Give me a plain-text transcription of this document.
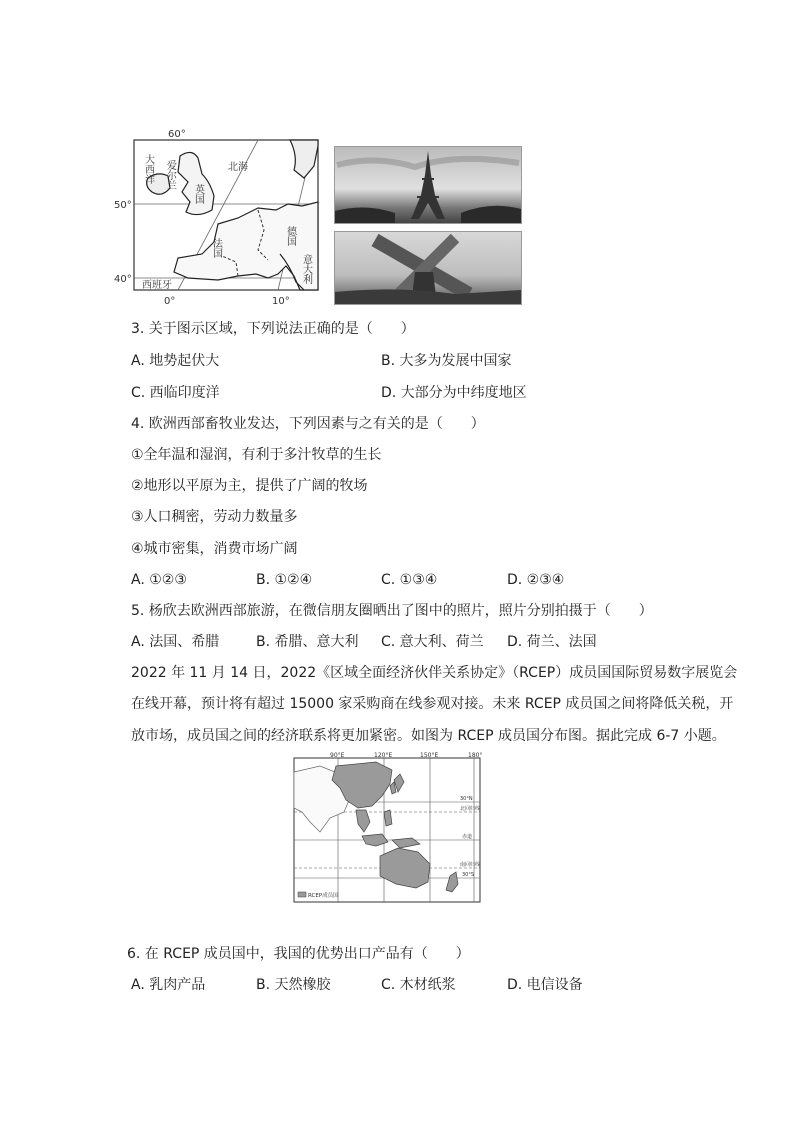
大西洋 爱尔兰
英国
北海
法国
德国
意大利
西班牙
60°
50°
40°
0°	10°
3. 关于图示区域，下列说法正确的是（　　）
A. 地势起伏大	B. 大多为发展中国家
C. 西临印度洋	D. 大部分为中纬度地区
4. 欧洲西部畜牧业发达，下列因素与之有关的是（　　）
①全年温和湿润，有利于多汁牧草的生长
②地形以平原为主，提供了广阔的牧场
③人口稠密，劳动力数量多
④城市密集，消费市场广阔
A. ①②③	B. ①②④	C. ①③④	D. ②③④
5. 杨欣去欧洲西部旅游，在微信朋友圈晒出了图中的照片，照片分别拍摄于（　　）
A. 法国、希腊	B. 希腊、意大利 C. 意大利、荷兰 D. 荷兰、法国
2022 年 11 月 14 日，2022《区域全面经济伙伴关系协定》（RCEP）成员国国际贸易数字展览会
在线开幕，预计将有超过 15000 家采购商在线参观对接。未来 RCEP 成员国之间将降低关税，开
放市场，成员国之间的经济联系将更加紧密。如图为 RCEP 成员国分布图。据此完成 6-7 小题。
90°E	120°E	150°E	180°
30°N
北回归线
赤道
南回归线
30°S
RCEP成员国
6. 在 RCEP 成员国中，我国的优势出口产品有（　　）
A. 乳肉产品	B. 天然橡胶	C. 木材纸浆	D. 电信设备
